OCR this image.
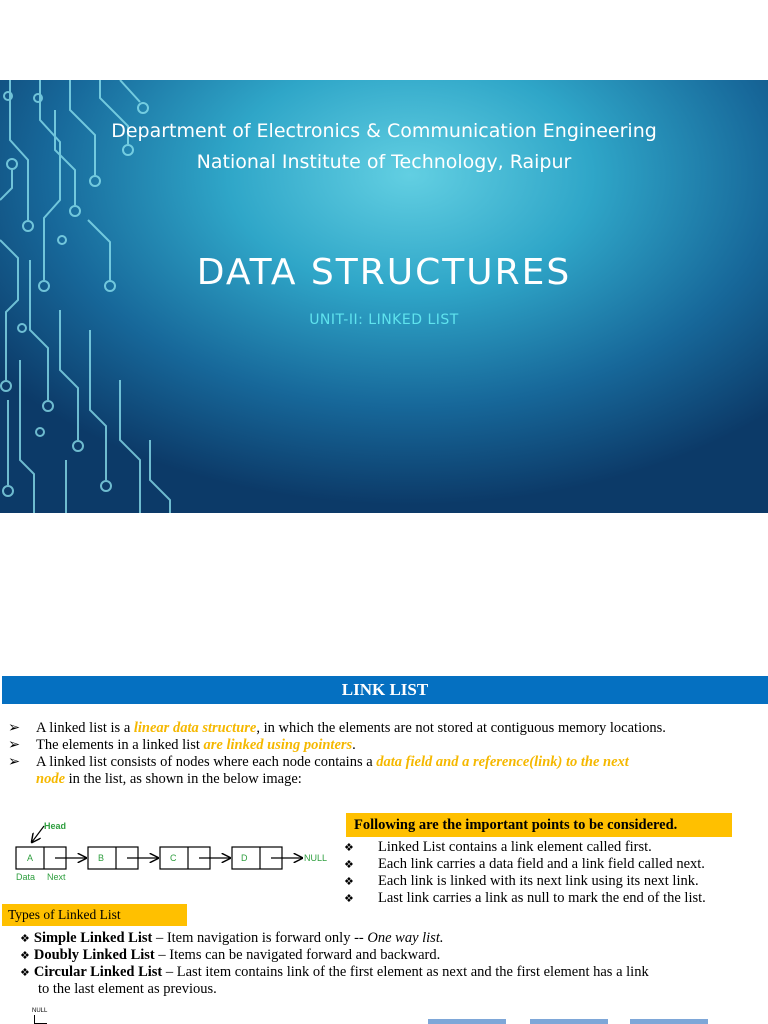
Department of Electronics & Communication Engineering
National Institute of Technology, Raipur
DATA STRUCTURES
UNIT-II: LINKED LIST
LINK LIST
➢ A linked list is a linear data structure, in which the elements are not stored at contiguous memory locations.
➢ The elements in a linked list are linked using pointers.
➢ A linked list consists of nodes where each node contains a data field and a reference(link) to the next
node in the list, as shown in the below image:
Head
A	B	C	D	NULL
Data Next
Following are the important points to be considered.
❖ Linked List contains a link element called first.
❖ Each link carries a data field and a link field called next.
❖ Each link is linked with its next link using its next link.
❖ Last link carries a link as null to mark the end of the list.
Types of Linked List
❖ Simple Linked List – Item navigation is forward only -- One way list.
❖ Doubly Linked List – Items can be navigated forward and backward.
❖ Circular Linked List – Last item contains link of the first element as next and the first element has a link
to the last element as previous.
NULL
